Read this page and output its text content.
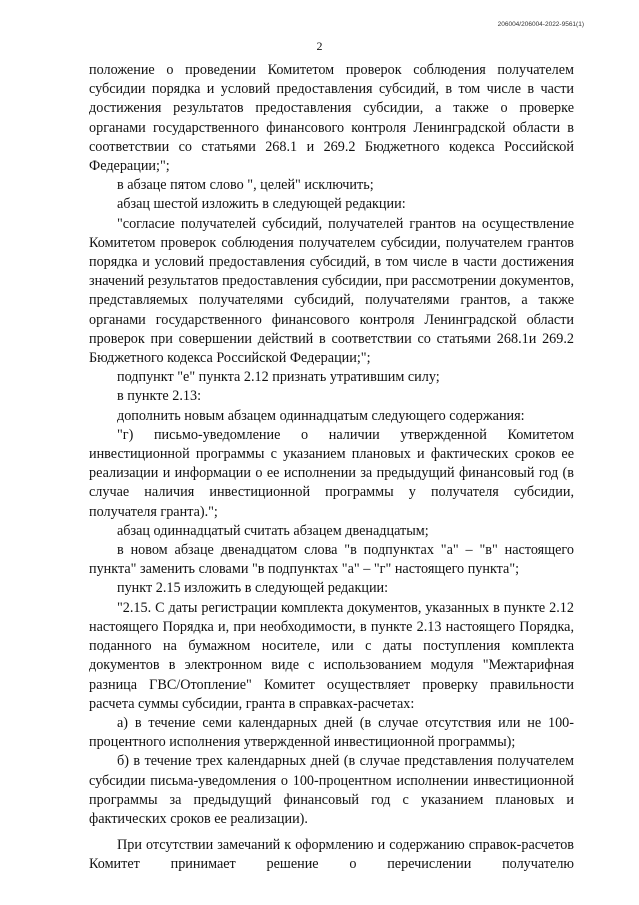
206004/206004-2022-9561(1)
2
положение о проведении Комитетом проверок соблюдения получателем субсидии порядка и условий предоставления субсидий, в том числе в части достижения результатов предоставления субсидии, а также о проверке органами государственного финансового контроля Ленинградской области в соответствии со статьями 268.1 и 269.2 Бюджетного кодекса Российской Федерации;";
в абзаце пятом слово ", целей" исключить;
абзац шестой изложить в следующей редакции:
"согласие получателей субсидий, получателей грантов на осуществление Комитетом проверок соблюдения получателем субсидии, получателем грантов порядка и условий предоставления субсидий, в том числе в части достижения значений результатов предоставления субсидии, при рассмотрении документов, представляемых получателями субсидий, получателями грантов, а также органами государственного финансового контроля Ленинградской области проверок при совершении действий в соответствии со статьями 268.1и 269.2 Бюджетного кодекса Российской Федерации;";
подпункт "е" пункта 2.12 признать утратившим силу;
в пункте 2.13:
дополнить новым абзацем одиннадцатым следующего содержания:
"г) письмо-уведомление о наличии утвержденной Комитетом инвестиционной программы с указанием плановых и фактических сроков ее реализации и информации о ее исполнении за предыдущий финансовый год (в случае наличия инвестиционной программы у получателя субсидии, получателя гранта).";
абзац одиннадцатый считать абзацем двенадцатым;
в новом абзаце двенадцатом слова "в подпунктах "а" – "в" настоящего пункта" заменить словами "в подпунктах "а" – "г" настоящего пункта";
пункт 2.15 изложить в следующей редакции:
"2.15. С даты регистрации комплекта документов, указанных в пункте 2.12 настоящего Порядка и, при необходимости, в пункте 2.13 настоящего Порядка, поданного на бумажном носителе, или с даты поступления комплекта документов в электронном виде с использованием модуля "Межтарифная разница ГВС/Отопление" Комитет осуществляет проверку правильности расчета суммы субсидии, гранта в справках-расчетах:
а) в течение семи календарных дней (в случае отсутствия или не 100-процентного исполнения утвержденной инвестиционной программы);
б) в течение трех календарных дней (в случае представления получателем субсидии письма-уведомления о 100-процентном исполнении инвестиционной программы за предыдущий финансовый год с указанием плановых и фактических сроков ее реализации).
При отсутствии замечаний к оформлению и содержанию справок-расчетов Комитет принимает решение о перечислении получателю
